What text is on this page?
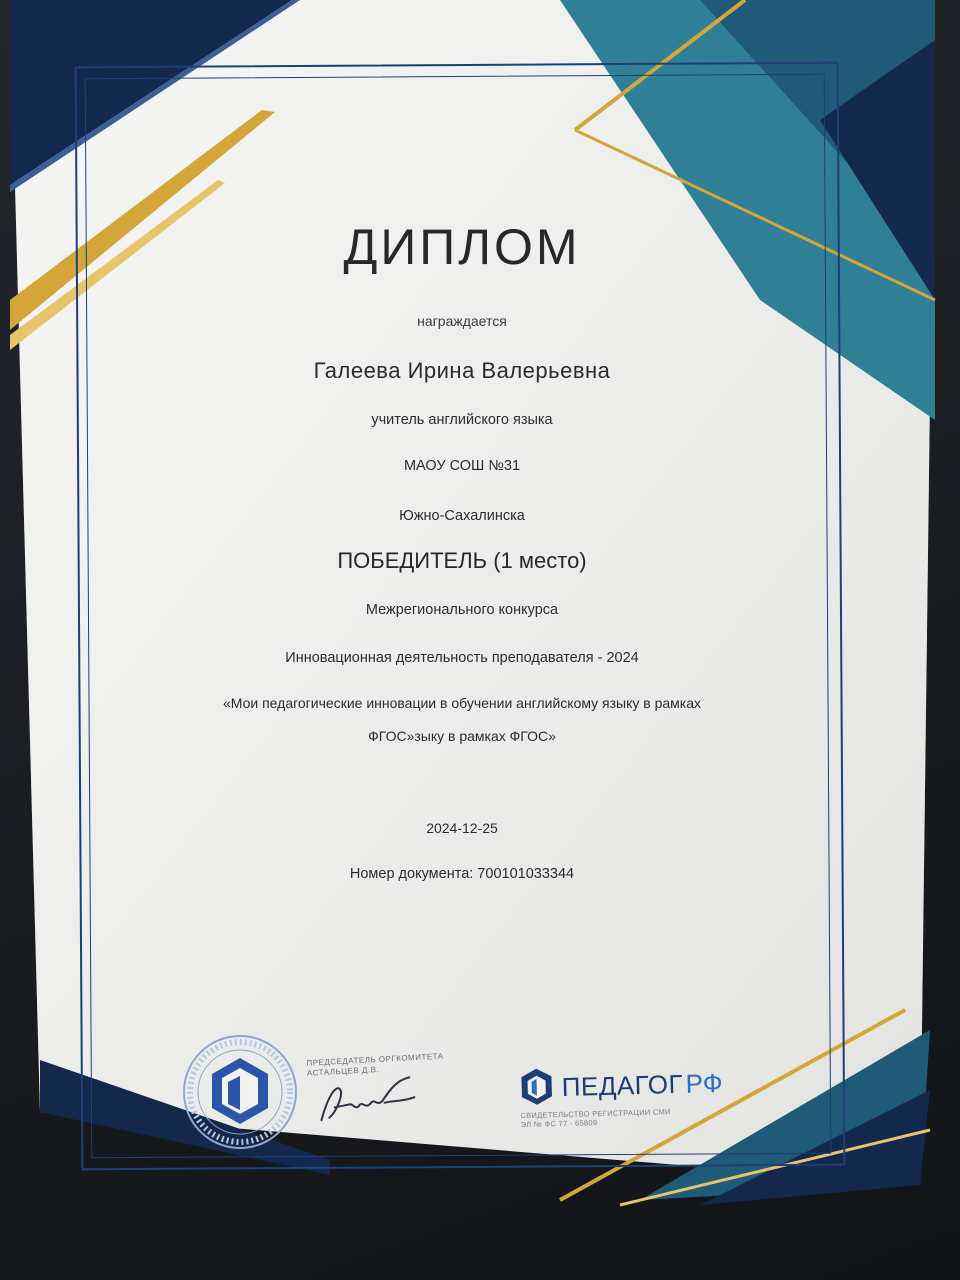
ДИПЛОМ
награждается
Галеева Ирина Валерьевна
учитель английского языка
МАОУ СОШ №31
Южно-Сахалинска
ПОБЕДИТЕЛЬ (1 место)
Межрегионального конкурса
Инновационная деятельность преподавателя - 2024
«Мои педагогические инновации в обучении английскому языку в рамках
ФГОС»зыку в рамках ФГОС»
2024-12-25
Номер документа: 700101033344
ПРЕДСЕДАТЕЛЬ ОРГКОМИТЕТА
АСТАЛЬЦЕВ Д.В.	ПЕДАГОГ РФ
СВИДЕТЕЛЬСТВО РЕГИСТРАЦИИ СМИ
ЭЛ № ФС 77 - 65809
